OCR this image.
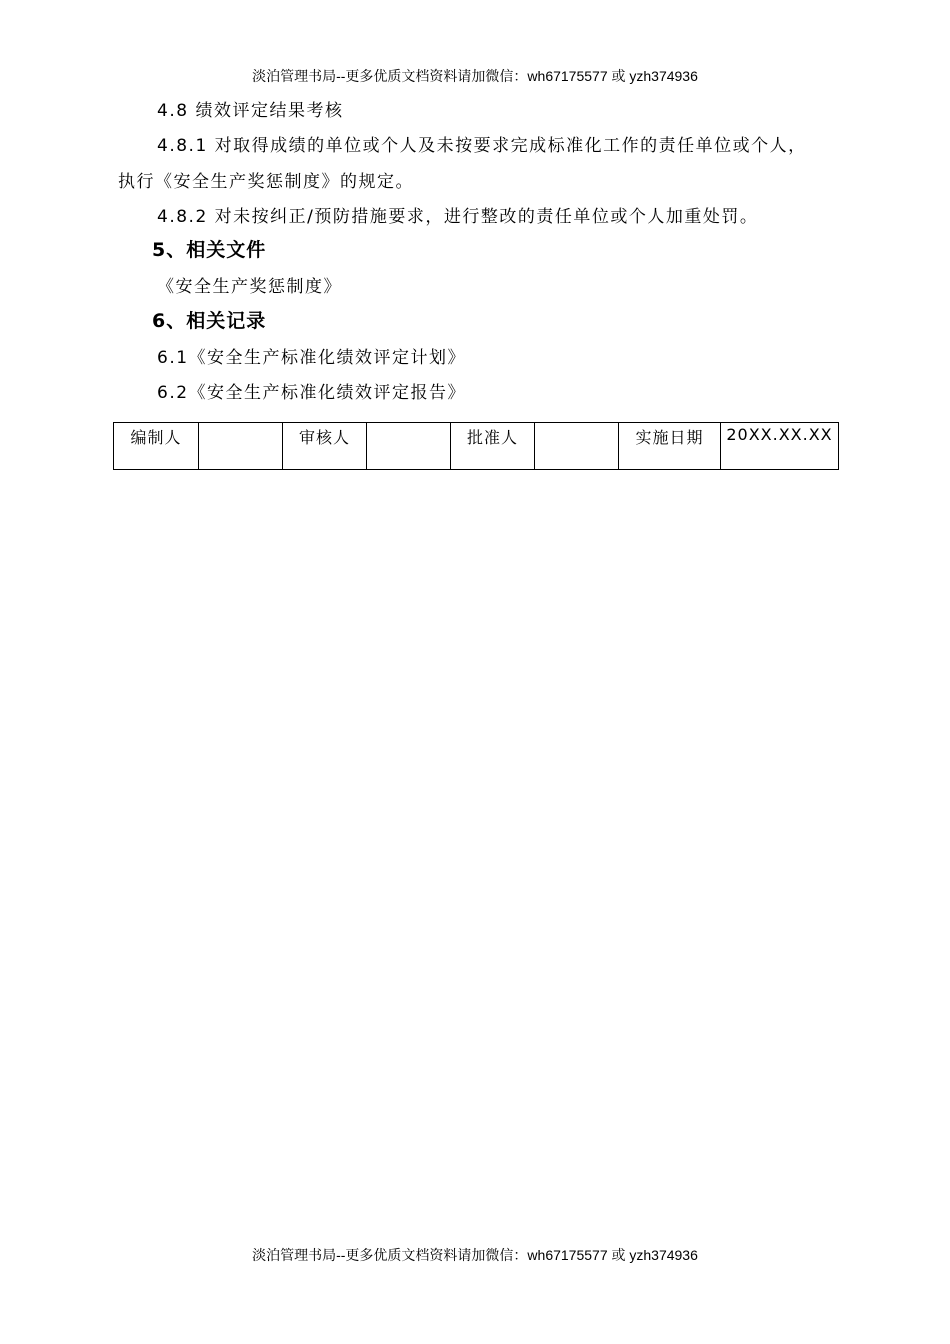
淡泊管理书局--更多优质文档资料请加微信：wh67175577 或 yzh374936
4.8 绩效评定结果考核
4.8.1 对取得成绩的单位或个人及未按要求完成标准化工作的责任单位或个人，
执行《安全生产奖惩制度》的规定。
4.8.2 对未按纠正/预防措施要求，进行整改的责任单位或个人加重处罚。
5、相关文件
《安全生产奖惩制度》
6、相关记录
6.1《安全生产标准化绩效评定计划》
6.2《安全生产标准化绩效评定报告》
编制人		审核人		批准人		实施日期	20XX.XX.XX
淡泊管理书局--更多优质文档资料请加微信：wh67175577 或 yzh374936
